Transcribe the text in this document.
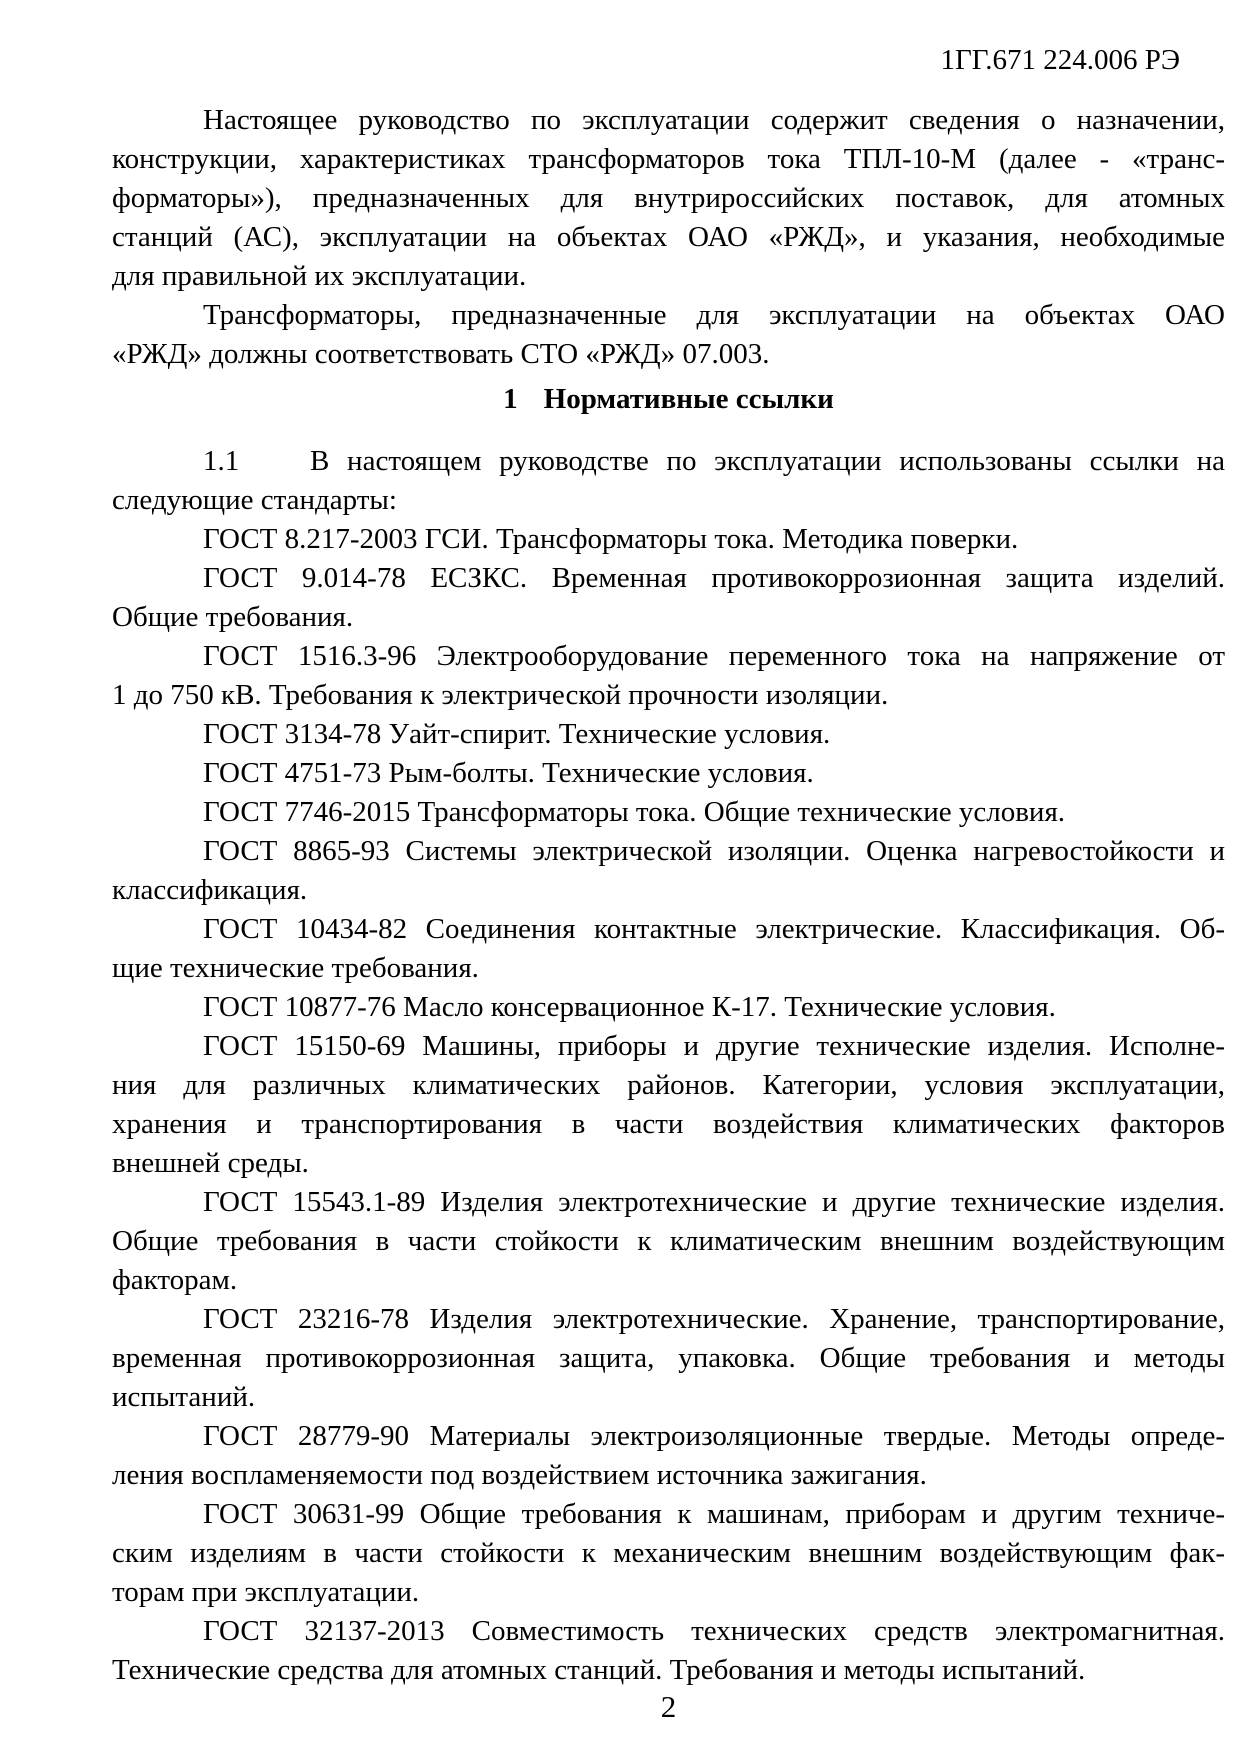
1ГГ.671 224.006 РЭ
Настоящее руководство по эксплуатации содержит сведения о назначении,
конструкции, характеристиках трансформаторов тока ТПЛ-10-М (далее - «транс-
форматоры»), предназначенных для внутрироссийских поставок, для атомных
станций (АС), эксплуатации на объектах ОАО «РЖД», и указания, необходимые
для правильной их эксплуатации.
Трансформаторы, предназначенные для эксплуатации на объектах ОАО
«РЖД» должны соответствовать СТО «РЖД» 07.003.
1 Нормативные ссылки
1.1    В настоящем руководстве по эксплуатации использованы ссылки на
следующие стандарты:
ГОСТ 8.217-2003 ГСИ. Трансформаторы тока. Методика поверки.
ГОСТ 9.014-78 ЕСЗКС. Временная противокоррозионная защита изделий.
Общие требования.
ГОСТ 1516.3-96 Электрооборудование переменного тока на напряжение от
1 до 750 кВ. Требования к электрической прочности изоляции.
ГОСТ 3134-78 Уайт-спирит. Технические условия.
ГОСТ 4751-73 Рым-болты. Технические условия.
ГОСТ 7746-2015 Трансформаторы тока. Общие технические условия.
ГОСТ 8865-93 Системы электрической изоляции. Оценка нагревостойкости и
классификация.
ГОСТ 10434-82 Соединения контактные электрические. Классификация. Об-
щие технические требования.
ГОСТ 10877-76 Масло консервационное К-17. Технические условия.
ГОСТ 15150-69 Машины, приборы и другие технические изделия. Исполне-
ния для различных климатических районов. Категории, условия эксплуатации,
хранения и транспортирования в части воздействия климатических факторов
внешней среды.
ГОСТ 15543.1-89 Изделия электротехнические и другие технические изделия.
Общие требования в части стойкости к климатическим внешним воздействующим
факторам.
ГОСТ 23216-78 Изделия электротехнические. Хранение, транспортирование,
временная противокоррозионная защита, упаковка. Общие требования и методы
испытаний.
ГОСТ 28779-90 Материалы электроизоляционные твердые. Методы опреде-
ления воспламеняемости под воздействием источника зажигания.
ГОСТ 30631-99 Общие требования к машинам, приборам и другим техниче-
ским изделиям в части стойкости к механическим внешним воздействующим фак-
торам при эксплуатации.
ГОСТ 32137-2013 Совместимость технических средств электромагнитная.
Технические средства для атомных станций. Требования и методы испытаний.
2
